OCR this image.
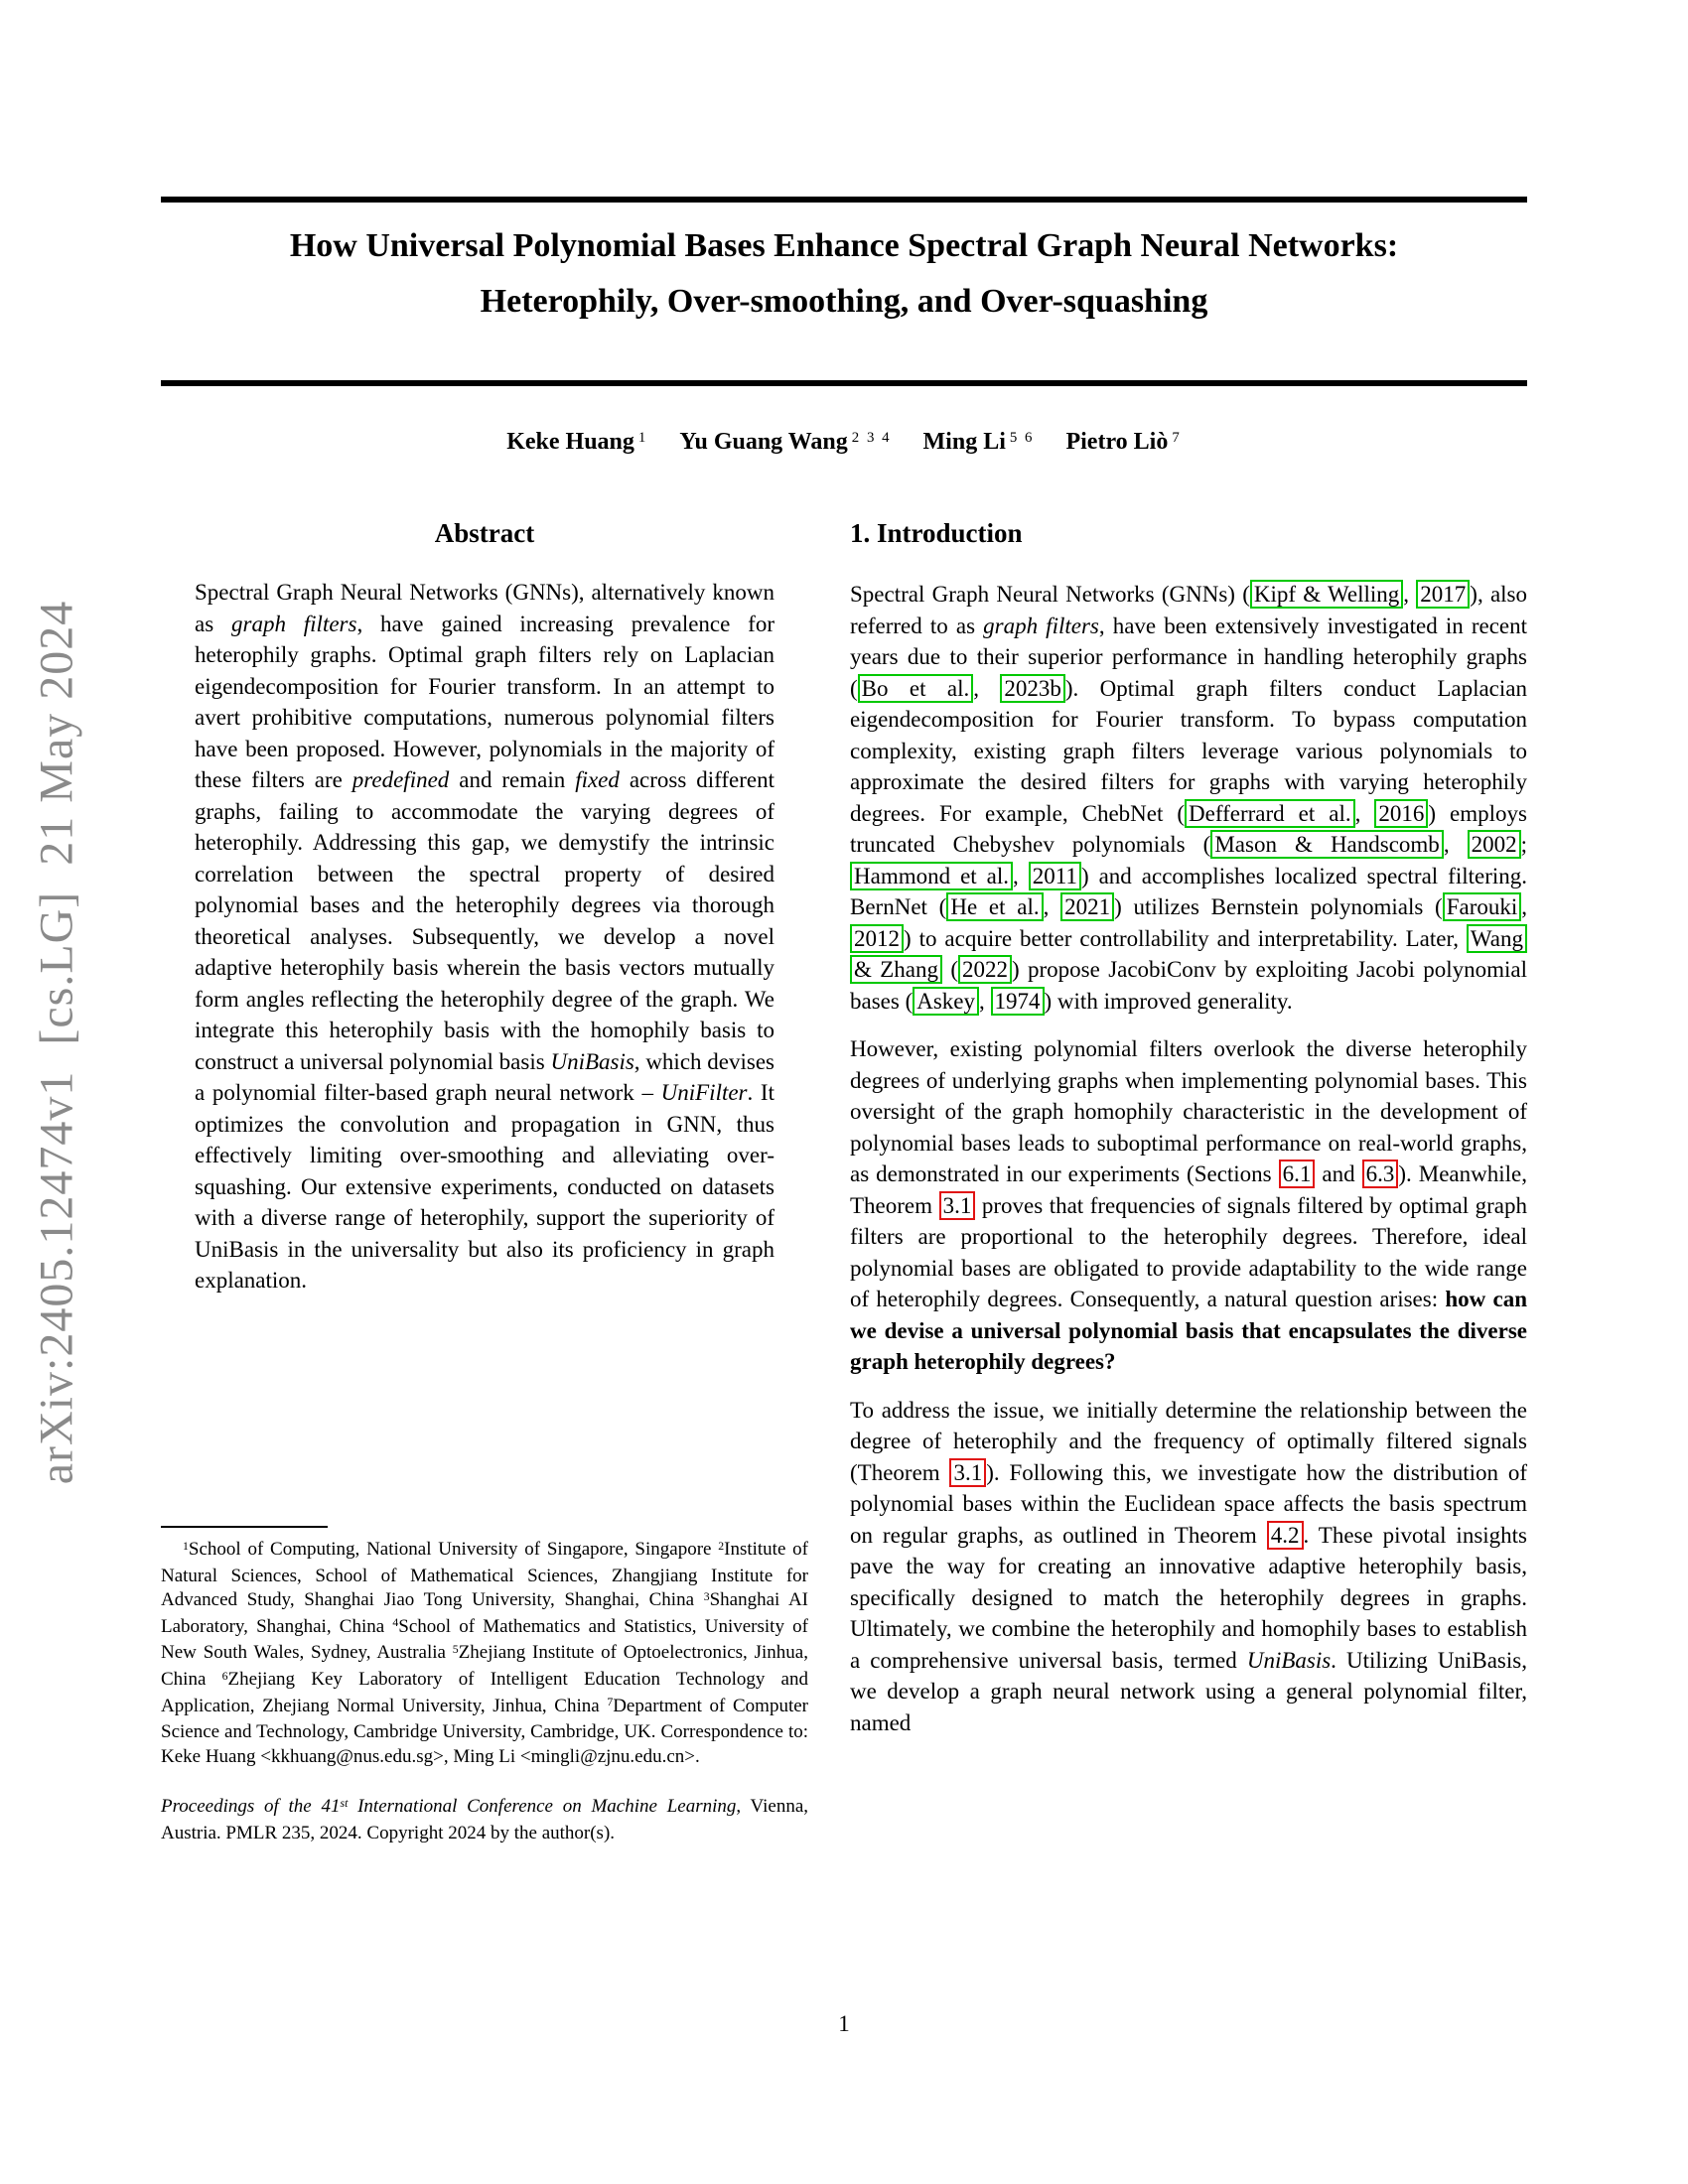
arXiv:2405.12474v1  [cs.LG]  21 May 2024
How Universal Polynomial Bases Enhance Spectral Graph Neural Networks:
Heterophily, Over-smoothing, and Over-squashing
Keke Huang $^1$ Yu Guang Wang $^{2 3 4}$ Ming Li $^{5 6}$ Pietro Liò $^7$
Abstract

Spectral Graph Neural Networks (GNNs), alternatively known as graph filters, have gained increasing prevalence for heterophily graphs. Optimal graph filters rely on Laplacian eigendecomposition for Fourier transform. In an attempt to avert prohibitive computations, numerous polynomial filters have been proposed. However, polynomials in the majority of these filters are predefined and remain fixed across different graphs, failing to accommodate the varying degrees of heterophily. Addressing this gap, we demystify the intrinsic correlation between the spectral property of desired polynomial bases and the heterophily degrees via thorough theoretical analyses. Subsequently, we develop a novel adaptive heterophily basis wherein the basis vectors mutually form angles reflecting the heterophily degree of the graph. We integrate this heterophily basis with the homophily basis to construct a universal polynomial basis UniBasis, which devises a polynomial filter-based graph neural network – UniFilter. It optimizes the convolution and propagation in GNN, thus effectively limiting over-smoothing and alleviating over-squashing. Our extensive experiments, conducted on datasets with a diverse range of heterophily, support the superiority of UniBasis in the universality but also its proficiency in graph explanation.

$^1$School of Computing, National University of Singapore, Singapore $^2$Institute of Natural Sciences, School of Mathematical Sciences, Zhangjiang Institute for Advanced Study, Shanghai Jiao Tong University, Shanghai, China $^3$Shanghai AI Laboratory, Shanghai, China $^4$School of Mathematics and Statistics, University of New South Wales, Sydney, Australia $^5$Zhejiang Institute of Optoelectronics, Jinhua, China $^6$Zhejiang Key Laboratory of Intelligent Education Technology and Application, Zhejiang Normal University, Jinhua, China $^7$Department of Computer Science and Technology, Cambridge University, Cambridge, UK. Correspondence to: Keke Huang <kkhuang@nus.edu.sg>, Ming Li <mingli@zjnu.edu.cn>.

Proceedings of the 41st International Conference on Machine Learning, Vienna, Austria. PMLR 235, 2024. Copyright 2024 by the author(s).

1. Introduction

Spectral Graph Neural Networks (GNNs) ( Kipf & Welling , 2017 ), also referred to as graph filters, have been extensively investigated in recent years due to their superior performance in handling heterophily graphs ( Bo et al. , 2023b ). Optimal graph filters conduct Laplacian eigendecomposition for Fourier transform. To bypass computation complexity, existing graph filters leverage various polynomials to approximate the desired filters for graphs with varying heterophily degrees. For example, ChebNet ( Defferrard et al. , 2016 ) employs truncated Chebyshev polynomials ( Mason & Handscomb , 2002 ; Hammond et al. , 2011 ) and accomplishes localized spectral filtering. BernNet ( He et al. , 2021 ) utilizes Bernstein polynomials ( Farouki , 2012 ) to acquire better controllability and interpretability. Later, Wang & Zhang ( 2022 ) propose JacobiConv by exploiting Jacobi polynomial bases ( Askey , 1974 ) with improved generality.

However, existing polynomial filters overlook the diverse heterophily degrees of underlying graphs when implementing polynomial bases. This oversight of the graph homophily characteristic in the development of polynomial bases leads to suboptimal performance on real-world graphs, as demonstrated in our experiments (Sections 6.1 and 6.3 ). Meanwhile, Theorem 3.1 proves that frequencies of signals filtered by optimal graph filters are proportional to the heterophily degrees. Therefore, ideal polynomial bases are obligated to provide adaptability to the wide range of heterophily degrees. Consequently, a natural question arises: how can we devise a universal polynomial basis that encapsulates the diverse graph heterophily degrees?

To address the issue, we initially determine the relationship between the degree of heterophily and the frequency of optimally filtered signals (Theorem 3.1 ). Following this, we investigate how the distribution of polynomial bases within the Euclidean space affects the basis spectrum on regular graphs, as outlined in Theorem 4.2 . These pivotal insights pave the way for creating an innovative adaptive heterophily basis, specifically designed to match the heterophily degrees in graphs. Ultimately, we combine the heterophily and homophily bases to establish a comprehensive universal basis, termed UniBasis. Utilizing UniBasis, we develop a graph neural network using a general polynomial filter, named

1
